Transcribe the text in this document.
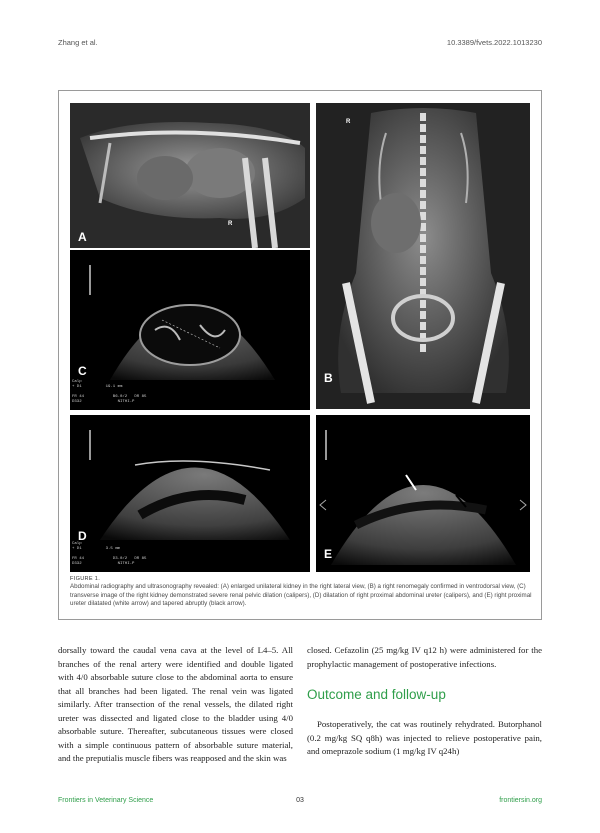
Zhang et al.	10.3389/fvets.2022.1013230
A
R
R
B
Calp
+ D1          19.1 mm

FR 44            B6.0/2   DR 85
D332               NITHI-P
C
Calp
+ D1          3.5 mm

FR 44            D3.0/2   DR 85
D332               NITHI-P
D
E
FIGURE 1.
Abdominal radiography and ultrasonography revealed: (A) enlarged unilateral kidney in the right lateral view, (B) a right renomegaly confirmed in ventrodorsal view, (C) transverse image of the right kidney demonstrated severe renal pelvic dilation (calipers), (D) dilatation of right proximal abdominal ureter (calipers), and (E) right proximal ureter dilatated (white arrow) and tapered abruptly (black arrow).

dorsally toward the caudal vena cava at the level of L4–5. All branches of the renal artery were identified and double ligated with 4/0 absorbable suture close to the abdominal aorta to ensure that all branches had been ligated. The renal vein was ligated similarly. After transection of the renal vessels, the dilated right ureter was dissected and ligated close to the bladder using 4/0 absorbable suture. Thereafter, subcutaneous tissues were closed with a simple continuous pattern of absorbable suture material, and the preputialis muscle fibers was reapposed and the skin was

closed. Cefazolin (25 mg/kg IV q12 h) were administered for the prophylactic management of postoperative infections.

Outcome and follow-up

Postoperatively, the cat was routinely rehydrated. Butorphanol (0.2 mg/kg SQ q8h) was injected to relieve postoperative pain, and omeprazole sodium (1 mg/kg IV q24h)

Frontiers in Veterinary Science	03	frontiersin.org
